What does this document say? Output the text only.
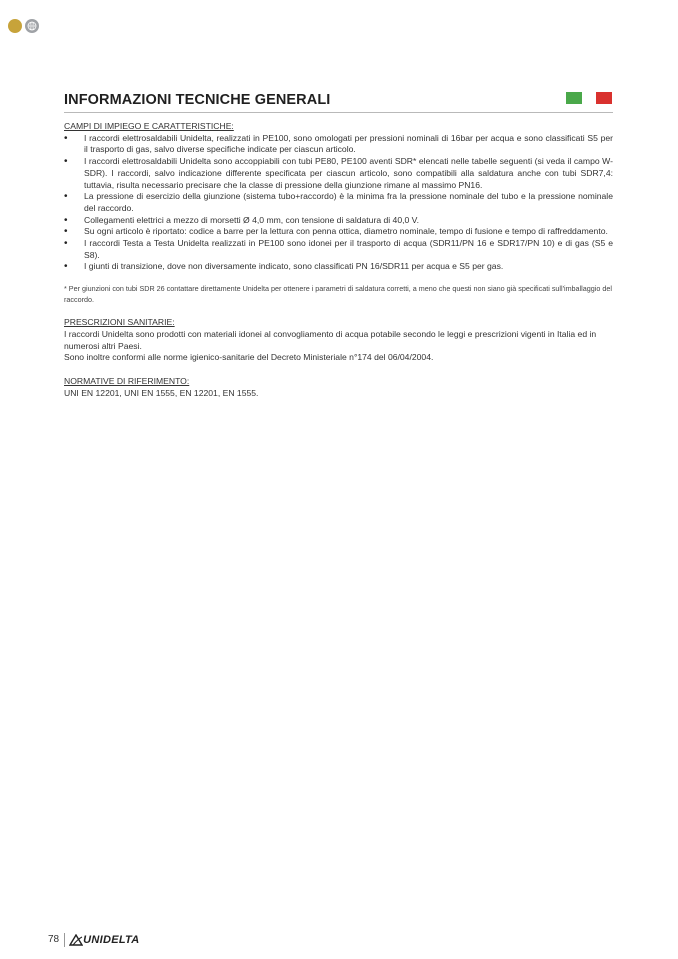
INFORMAZIONI TECNICHE GENERALI

CAMPI DI IMPIEGO E CARATTERISTICHE:

• I raccordi elettrosaldabili Unidelta, realizzati in PE100, sono omologati per pressioni nominali di 16bar per acqua e sono classificati S5 per il trasporto di gas, salvo diverse specifiche indicate per ciascun articolo.
• I raccordi elettrosaldabili Unidelta sono accoppiabili con tubi PE80, PE100 aventi SDR* elencati nelle tabelle seguenti (si veda il campo W-SDR). I raccordi, salvo indicazione differente specificata per ciascun articolo, sono compatibili alla saldatura anche con tubi SDR7,4: tuttavia, risulta necessario precisare che la classe di pressione della giunzione rimane al massimo PN16.
• La pressione di esercizio della giunzione (sistema tubo+raccordo) è la minima fra la pressione nominale del tubo e la pressione nominale del raccordo.
• Collegamenti elettrici a mezzo di morsetti Ø 4,0 mm, con tensione di saldatura di 40,0 V.
• Su ogni articolo è riportato: codice a barre per la lettura con penna ottica, diametro nominale, tempo di fusione e tempo di raffreddamento.
• I raccordi Testa a Testa Unidelta realizzati in PE100 sono idonei per il trasporto di acqua (SDR11/PN 16 e SDR17/PN 10) e di gas (S5 e S8).
• I giunti di transizione, dove non diversamente indicato, sono classificati PN 16/SDR11 per acqua e S5 per gas.

* Per giunzioni con tubi SDR 26 contattare direttamente Unidelta per ottenere i parametri di saldatura corretti, a meno che questi non siano già specificati sull'imballaggio del raccordo.

PRESCRIZIONI SANITARIE:

I raccordi Unidelta sono prodotti con materiali idonei al convogliamento di acqua potabile secondo le leggi e prescrizioni vigenti in Italia ed in numerosi altri Paesi.

Sono inoltre conformi alle norme igienico-sanitarie del Decreto Ministeriale n°174 del 06/04/2004.

NORMATIVE DI RIFERIMENTO:

UNI EN 12201, UNI EN 1555, EN 12201, EN 1555.

78	UNIDELTA
